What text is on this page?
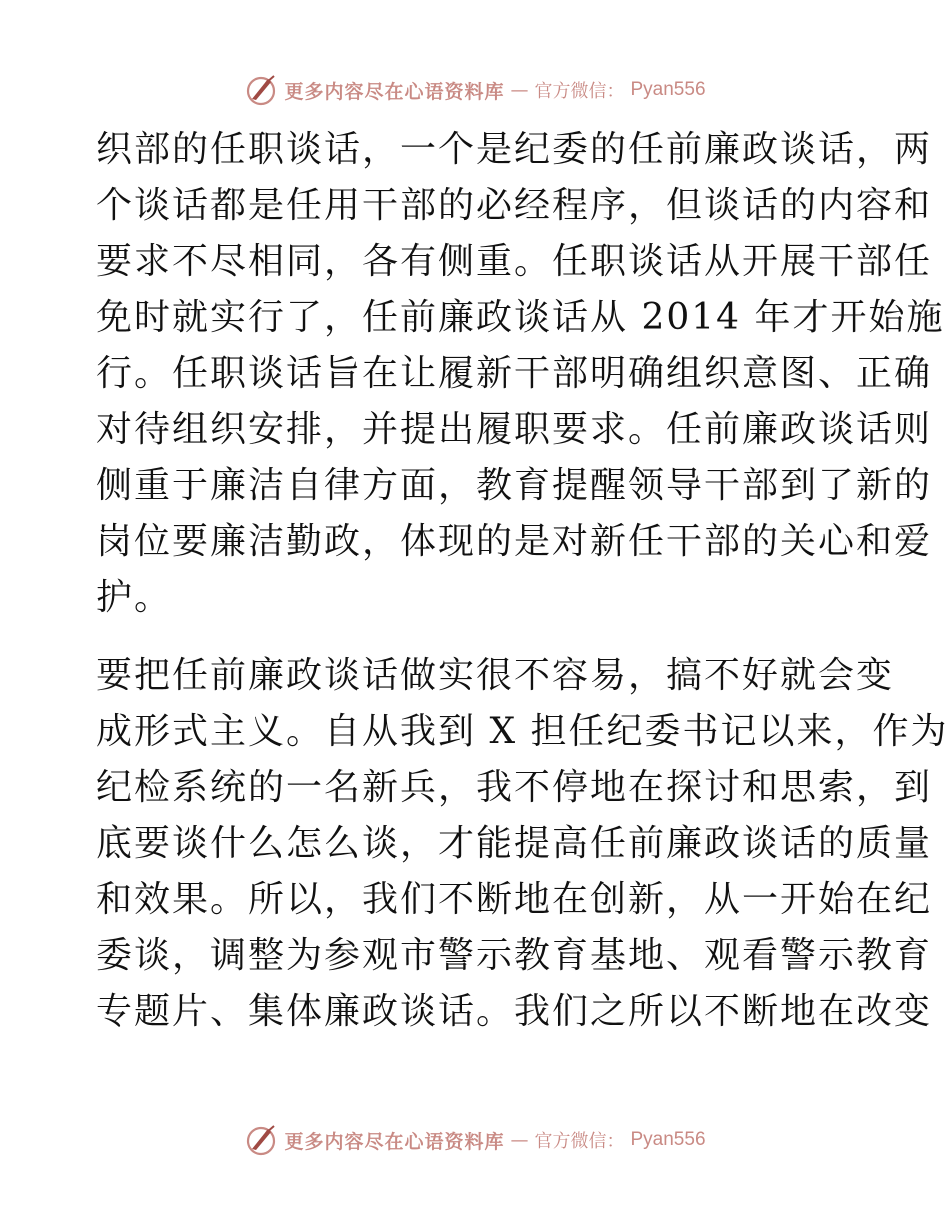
更多内容尽在心语资料库 — 官方微信： Pyan556
织部的任职谈话，一个是纪委的任前廉政谈话，两
个谈话都是任用干部的必经程序，但谈话的内容和
要求不尽相同，各有侧重。任职谈话从开展干部任
免时就实行了，任前廉政谈话从 2014 年才开始施
行。任职谈话旨在让履新干部明确组织意图、正确
对待组织安排，并提出履职要求。任前廉政谈话则
侧重于廉洁自律方面，教育提醒领导干部到了新的
岗位要廉洁勤政，体现的是对新任干部的关心和爱
护。
要把任前廉政谈话做实很不容易，搞不好就会变
成形式主义。自从我到 X 担任纪委书记以来，作为
纪检系统的一名新兵，我不停地在探讨和思索，到
底要谈什么怎么谈，才能提高任前廉政谈话的质量
和效果。所以，我们不断地在创新，从一开始在纪
委谈，调整为参观市警示教育基地、观看警示教育
专题片、集体廉政谈话。我们之所以不断地在改变
更多内容尽在心语资料库 — 官方微信： Pyan556
